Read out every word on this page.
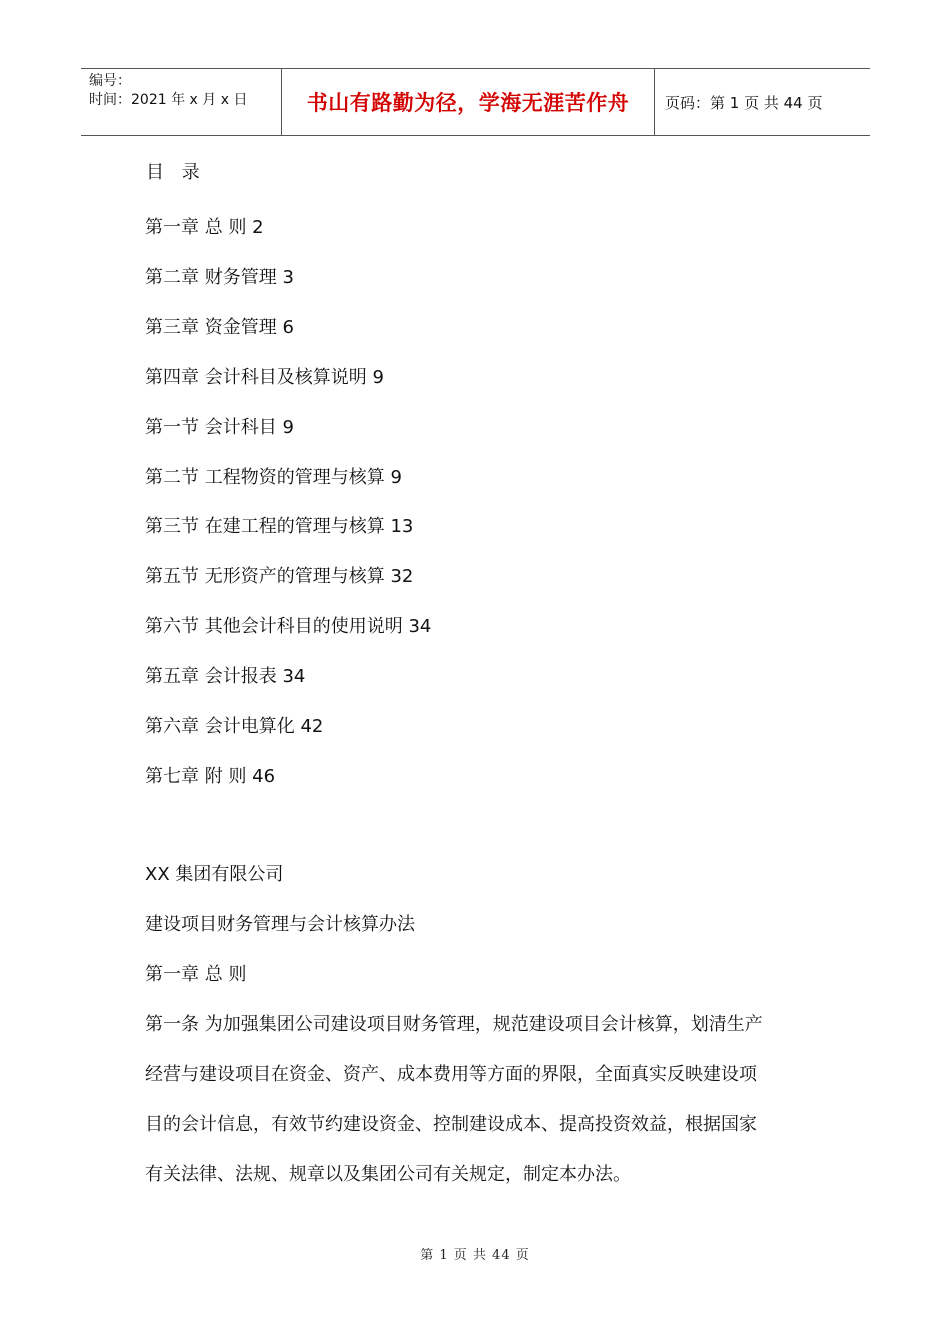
编号：
时间：2021 年 x 月 x 日	书山有路勤为径，学海无涯苦作舟	页码：第 1 页 共 44 页
目 录
第一章 总 则 2
第二章 财务管理 3
第三章 资金管理 6
第四章 会计科目及核算说明 9
第一节 会计科目 9
第二节 工程物资的管理与核算 9
第三节 在建工程的管理与核算 13
第五节 无形资产的管理与核算 32
第六节 其他会计科目的使用说明 34
第五章 会计报表 34
第六章 会计电算化 42
第七章 附 则 46
XX 集团有限公司
建设项目财务管理与会计核算办法
第一章 总 则
第一条 为加强集团公司建设项目财务管理，规范建设项目会计核算，划清生产
经营与建设项目在资金、资产、成本费用等方面的界限，全面真实反映建设项
目的会计信息，有效节约建设资金、控制建设成本、提高投资效益，根据国家
有关法律、法规、规章以及集团公司有关规定，制定本办法。
第 1 页 共 44 页
